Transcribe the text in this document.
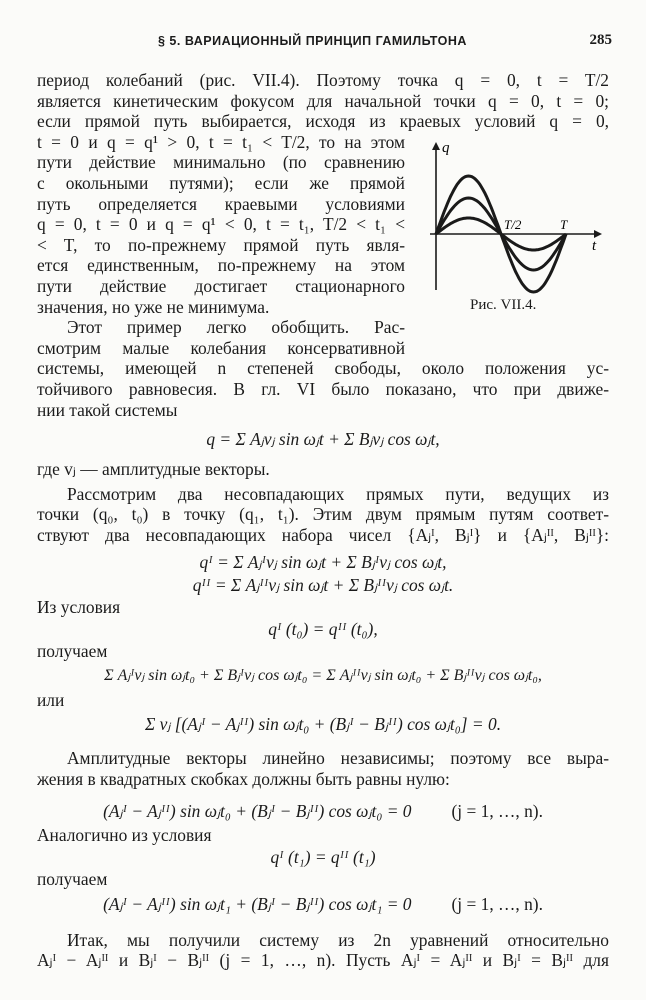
§ 5. ВАРИАЦИОННЫЙ ПРИНЦИП ГАМИЛЬТОНА	285
период колебаний (рис. VII.4). Поэтому точка q = 0, t = T/2
является кинетическим фокусом для начальной точки q = 0, t = 0;
если прямой путь выбирается, исходя из краевых условий q = 0,
t = 0 и q = q¹ > 0, t = t₁ < T/2, то на этом
пути действие минимально (по сравнению
с окольными путями); если же прямой
путь определяется краевыми условиями
q = 0, t = 0 и q = q¹ < 0, t = t₁, T/2 < t₁ <
< T, то по-прежнему прямой путь явля-
ется единственным, по-прежнему на этом
пути действие достигает стационарного
значения, но уже не минимума.
Этот пример легко обобщить. Рас-
смотрим малые колебания консервативной
системы, имеющей n степеней свободы, около положения ус-
тойчивого равновесия. В гл. VI было показано, что при движе-
нии такой системы
q = Σ Aⱼvⱼ sin ωⱼt + Σ Bⱼvⱼ cos ωⱼt,
где vⱼ — амплитудные векторы.
Рассмотрим два несовпадающих прямых пути, ведущих из
точки (q₀, t₀) в точку (q₁, t₁). Этим двум прямым путям соответ-
ствуют два несовпадающих набора чисел {Aⱼᴵ, Bⱼᴵ} и {Aⱼᴵᴵ, Bⱼᴵᴵ}:
qᴵ = Σ Aⱼᴵvⱼ sin ωⱼt + Σ Bⱼᴵvⱼ cos ωⱼt,
qᴵᴵ = Σ Aⱼᴵᴵvⱼ sin ωⱼt + Σ Bⱼᴵᴵvⱼ cos ωⱼt.
Из условия
qᴵ (t₀) = qᴵᴵ (t₀),
получаем
Σ Aⱼᴵvⱼ sin ωⱼt₀ + Σ Bⱼᴵvⱼ cos ωⱼt₀ = Σ Aⱼᴵᴵvⱼ sin ωⱼt₀ + Σ Bⱼᴵᴵvⱼ cos ωⱼt₀,
или
Σ vⱼ [(Aⱼᴵ − Aⱼᴵᴵ) sin ωⱼt₀ + (Bⱼᴵ − Bⱼᴵᴵ) cos ωⱼt₀] = 0.
Амплитудные векторы линейно независимы; поэтому все выра-
жения в квадратных скобках должны быть равны нулю:
(Aⱼᴵ − Aⱼᴵᴵ) sin ωⱼt₀ + (Bⱼᴵ − Bⱼᴵᴵ) cos ωⱼt₀ = 0 (j = 1, …, n).
Аналогично из условия
qᴵ (t₁) = qᴵᴵ (t₁)
получаем
(Aⱼᴵ − Aⱼᴵᴵ) sin ωⱼt₁ + (Bⱼᴵ − Bⱼᴵᴵ) cos ωⱼt₁ = 0 (j = 1, …, n).
Итак, мы получили систему из 2n уравнений относительно
Aⱼᴵ − Aⱼᴵᴵ и Bⱼᴵ − Bⱼᴵᴵ (j = 1, …, n). Пусть Aⱼᴵ = Aⱼᴵᴵ и Bⱼᴵ = Bⱼᴵᴵ для
q
t
T/2	T
Рис. VII.4.
